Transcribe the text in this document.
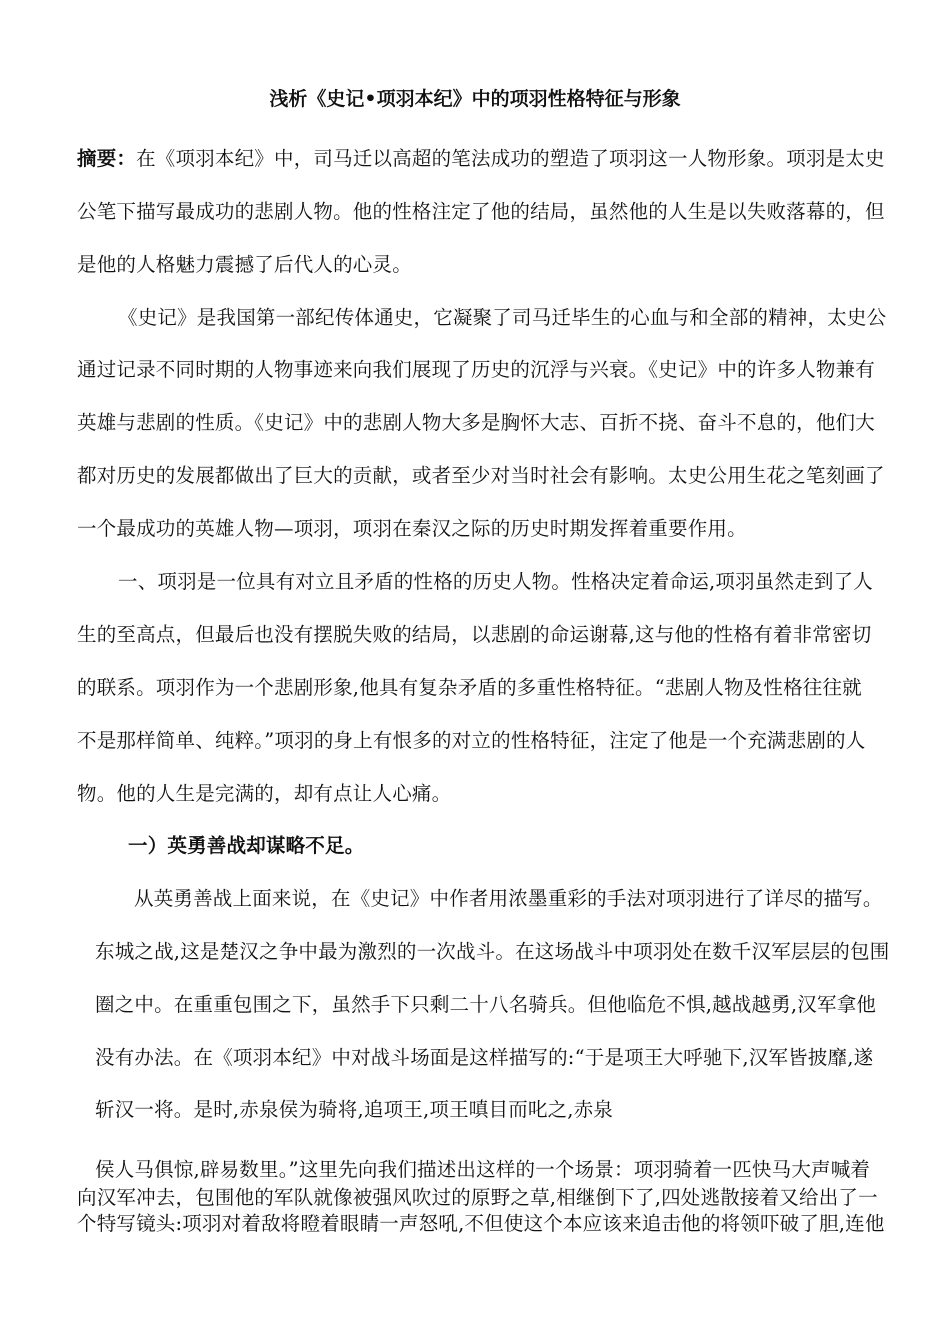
浅析《史记•项羽本纪》中的项羽性格特征与形象
摘要：在《项羽本纪》中，司马迁以高超的笔法成功的塑造了项羽这一人物形象。项羽是太史
公笔下描写最成功的悲剧人物。他的性格注定了他的结局，虽然他的人生是以失败落幕的，但
是他的人格魅力震撼了后代人的心灵。
《史记》是我国第一部纪传体通史，它凝聚了司马迁毕生的心血与和全部的精神，太史公
通过记录不同时期的人物事迹来向我们展现了历史的沉浮与兴衰。《史记》中的许多人物兼有
英雄与悲剧的性质。《史记》中的悲剧人物大多是胸怀大志、百折不挠、奋斗不息的，他们大
都对历史的发展都做出了巨大的贡献，或者至少对当时社会有影响。太史公用生花之笔刻画了
一个最成功的英雄人物—项羽，项羽在秦汉之际的历史时期发挥着重要作用。
一、项羽是一位具有对立且矛盾的性格的历史人物。性格决定着命运,项羽虽然走到了人
生的至高点，但最后也没有摆脱失败的结局，以悲剧的命运谢幕,这与他的性格有着非常密切
的联系。项羽作为一个悲剧形象,他具有复杂矛盾的多重性格特征。“悲剧人物及性格往往就
不是那样简单、纯粹。”项羽的身上有恨多的对立的性格特征，注定了他是一个充满悲剧的人
物。他的人生是完满的，却有点让人心痛。
一）英勇善战却谋略不足。
从英勇善战上面来说，在《史记》中作者用浓墨重彩的手法对项羽进行了详尽的描写。
东城之战,这是楚汉之争中最为激烈的一次战斗。在这场战斗中项羽处在数千汉军层层的包围
圈之中。在重重包围之下，虽然手下只剩二十八名骑兵。但他临危不惧,越战越勇,汉军拿他
没有办法。在《项羽本纪》中对战斗场面是这样描写的:“于是项王大呼驰下,汉军皆披靡,遂
斩汉一将。是时,赤泉侯为骑将,追项王,项王嗔目而叱之,赤泉
侯人马俱惊,辟易数里。”这里先向我们描述出这样的一个场景：项羽骑着一匹快马大声喊着
向汉军冲去，包围他的军队就像被强风吹过的原野之草,相继倒下了,四处逃散接着又给出了一
个特写镜头:项羽对着敌将瞪着眼睛一声怒吼,不但使这个本应该来追击他的将领吓破了胆,连他
